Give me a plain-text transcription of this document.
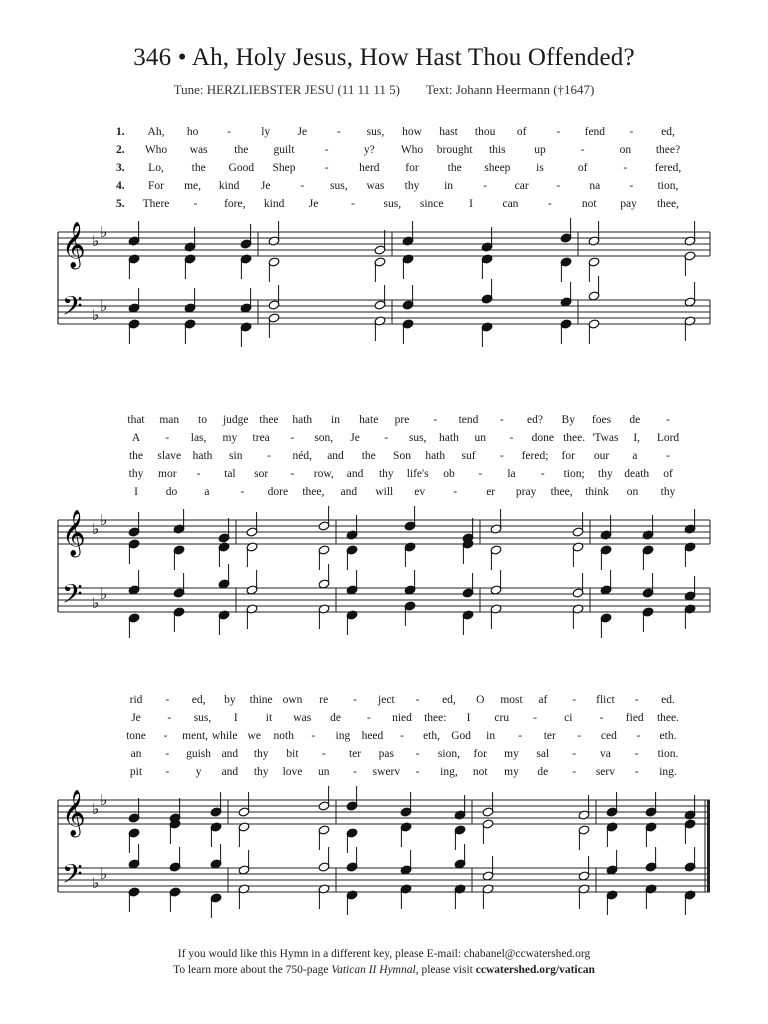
346 • Ah, Holy Jesus, How Hast Thou Offended?
Tune: HERZLIEBSTER JESU (11 11 11 5) Text: Johann Heermann (†1647)
1. Ah, ho	-	ly Je	- sus, how hast thou of	- fend - ed,
2. Who was the guilt	-	y? Who brought this up	-	on thee?
3. Lo, the Good Shep	-	herd for	the sheep is	of	- fered,
4. For me, kind Je	- sus, was thy in	- car -	na	- tion,
5. There - fore, kind Je	- sus, since I	can	-	not pay thee,
that man to judge thee hath in hate pre - tend - ed? By foes de -
A - las, my trea - son, Je - sus, hath un - done thee. 'Twas I, Lord
the slave hath sin - néd, and the Son hath suf - fered; for our a	-
thy mor - tal sor - row, and thy life's ob - la - tion; thy death of
I do a	- dore thee, and will ev -	er pray thee, think on thy
rid - ed, by thine own re - ject - ed, O most af - flict - ed.
Je - sus, I it was de - nied thee: I cru - ci - fied thee.
tone - ment, while we noth - ing heed - eth, God in - ter - ced - eth.
an - guish and thy bit - ter pas - sion, for my sal - va - tion.
pit - y and thy love un - swerv - ing, not my de - serv - ing.
𝄞
𝄢
♭ ♭
♭ ♭
𝄞
𝄢
♭ ♭
♭ ♭
𝄞
𝄢
♭ ♭
♭ ♭
If you would like this Hymn in a different key, please E-mail: chabanel@ccwatershed.org
To learn more about the 750-page Vatican II Hymnal, please visit ccwatershed.org/vatican
